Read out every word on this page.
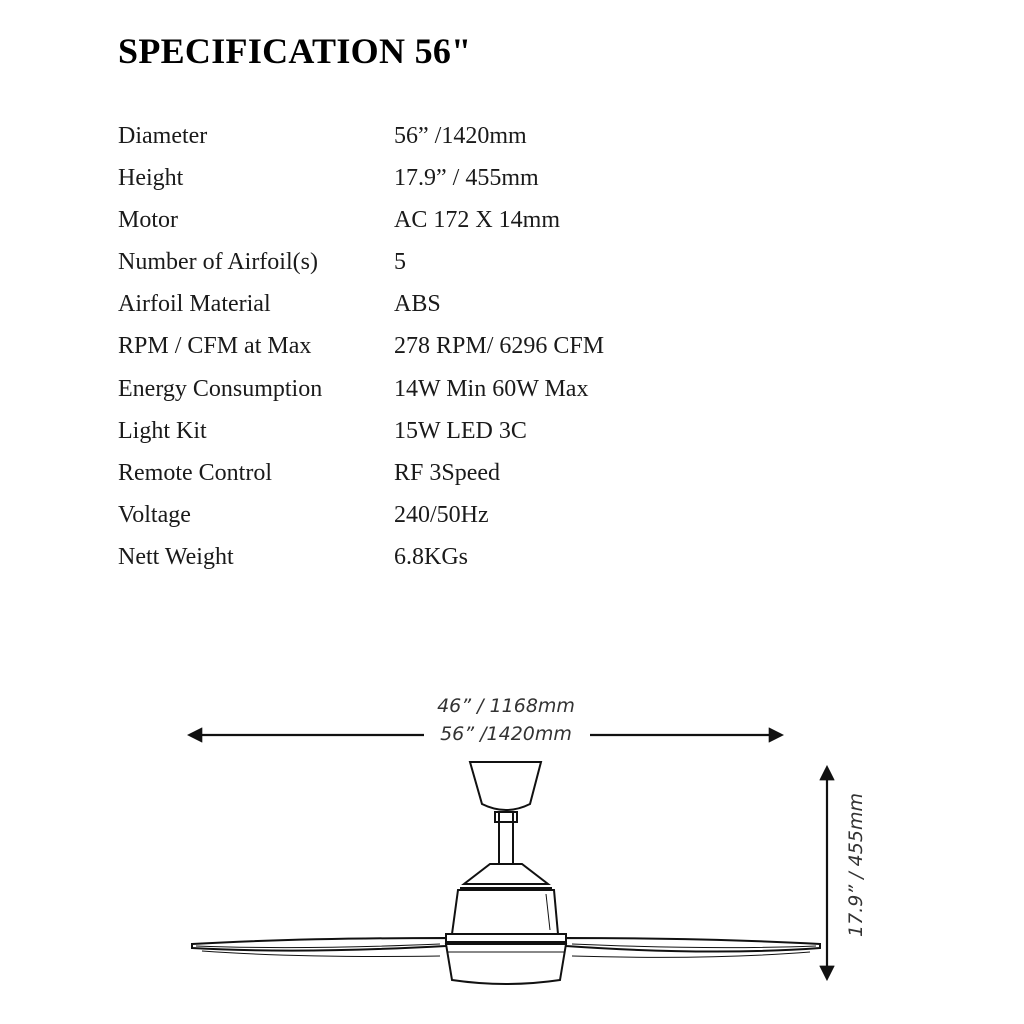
SPECIFICATION 56"
Diameter	56” /1420mm
Height	17.9” / 455mm
Motor	AC 172 X 14mm
Number of Airfoil(s)	5
Airfoil Material	ABS
RPM / CFM at Max	278 RPM/ 6296 CFM
Energy Consumption	14W Min 60W Max
Light Kit	15W LED 3C
Remote Control	RF 3Speed
Voltage	240/50Hz
Nett Weight	6.8KGs
46” / 1168mm
56” /1420mm
17.9” / 455mm
